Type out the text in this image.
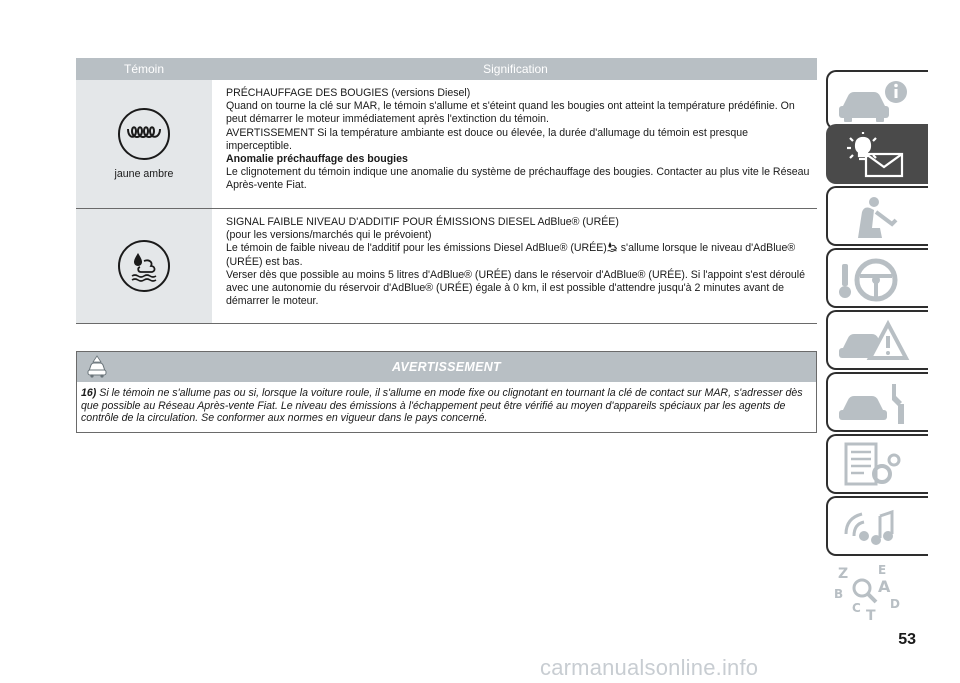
Témoin	Signification
jaune ambre

PRÉCHAUFFAGE DES BOUGIES (versions Diesel)

Quand on tourne la clé sur MAR, le témoin s'allume et s'éteint quand les bougies ont atteint la température prédéfinie. On peut démarrer le moteur immédiatement après l'extinction du témoin.

AVERTISSEMENT Si la température ambiante est douce ou élevée, la durée d'allumage du témoin est presque imperceptible.

Anomalie préchauffage des bougies

Le clignotement du témoin indique une anomalie du système de préchauffage des bougies. Contacter au plus vite le Réseau Après-vente Fiat.

SIGNAL FAIBLE NIVEAU D'ADDITIF POUR ÉMISSIONS DIESEL AdBlue® (URÉE)

(pour les versions/marchés qui le prévoient)

Le témoin de faible niveau de l'additif pour les émissions Diesel AdBlue® (URÉE) s'allume lorsque le niveau d'AdBlue® (URÉE) est bas.

Verser dès que possible au moins 5 litres d'AdBlue® (URÉE) dans le réservoir d'AdBlue® (URÉE). Si l'appoint s'est déroulé avec une autonomie du réservoir d'AdBlue® (URÉE) égale à 0 km, il est possible d'attendre jusqu'à 2 minutes avant de démarrer le moteur.

AVERTISSEMENT
16) Si le témoin ne s'allume pas ou si, lorsque la voiture roule, il s'allume en mode fixe ou clignotant en tournant la clé de contact sur MAR, s'adresser dès que possible au Réseau Après-vente Fiat. Le niveau des émissions à l'échappement peut être vérifié au moyen d'appareils spéciaux par les agents de contrôle de la circulation. Se conformer aux normes en vigueur dans le pays concerné.
Z E
B A
C T
D
53
carmanualsonline.info
